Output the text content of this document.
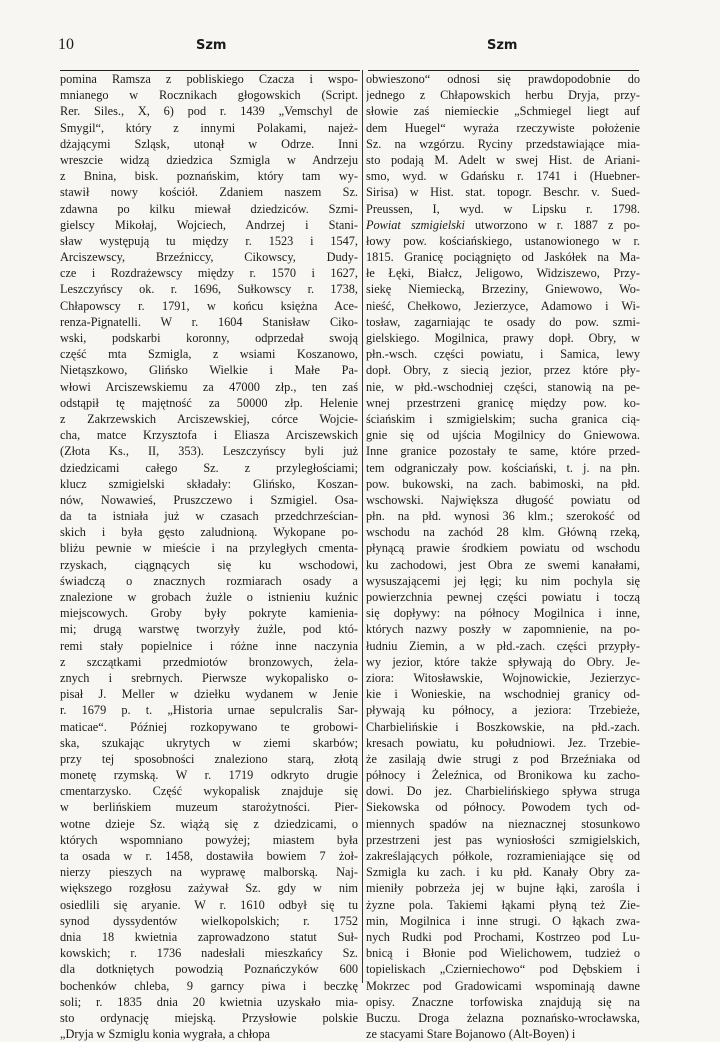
10	Szm	Szm
pomina Ramsza z pobliskiego Czacza i wspo-
mnianego w Rocznikach głogowskich (Script.
Rer. Siles., X, 6) pod r. 1439 „Vemschyl de
Smygil“, który z innymi Polakami, najeż-
dżającymi Szląsk, utonął w Odrze. Inni
wreszcie widzą dziedzica Szmigla w Andrzeju
z Bnina, bisk. poznańskim, który tam wy-
stawił nowy kościół. Zdaniem naszem Sz.
zdawna po kilku miewał dziedziców. Szmi-
gielscy Mikołaj, Wojciech, Andrzej i Stani-
sław występują tu między r. 1523 i 1547,
Arciszewscy, Brzeźniccy, Cikowscy, Dudy-
cze i Rozdrażewscy między r. 1570 i 1627,
Leszczyńscy ok. r. 1696, Sułkowscy r. 1738,
Chłapowscy r. 1791, w końcu księżna Ace-
renza-Pignatelli. W r. 1604 Stanisław Ciko-
wski, podskarbi koronny, odprzedał swoją
część mta Szmigla, z wsiami Koszanowo,
Nietąszkowo, Glińsko Wielkie i Małe Pa-
włowi Arciszewskiemu za 47000 złp., ten zaś
odstąpił tę majętność za 50000 złp. Helenie
z Zakrzewskich Arciszewskiej, córce Wojcie-
cha, matce Krzysztofa i Eliasza Arciszewskich
(Złota Ks., II, 353). Leszczyńscy byli już
dziedzicami całego Sz. z przyległościami;
klucz szmigielski składały: Glińsko, Koszan-
nów, Nowawieś, Pruszczewo i Szmigiel. Osa-
da ta istniała już w czasach przedchrześcian-
skich i była gęsto zaludnioną. Wykopane po-
bliżu pewnie w mieście i na przyległych cmenta-
rzyskach, ciągnących się ku wschodowi,
świadczą o znacznych rozmiarach osady a
znalezione w grobach żużle o istnieniu kuźnic
miejscowych. Groby były pokryte kamienia-
mi; drugą warstwę tworzyły żużle, pod któ-
remi stały popielnice i różne inne naczynia
z szczątkami przedmiotów bronzowych, żela-
znych i srebrnych. Pierwsze wykopalisko o-
pisał J. Meller w dziełku wydanem w Jenie
r. 1679 p. t. „Historia urnae sepulcralis Sar-
maticae“. Później rozkopywano te grobowi-
ska, szukając ukrytych w ziemi skarbów;
przy tej sposobności znaleziono starą, złotą
monetę rzymską. W r. 1719 odkryto drugie
cmentarzysko. Część wykopalisk znajduje się
w berlińskiem muzeum starożytności. Pier-
wotne dzieje Sz. wiążą się z dziedzicami, o
których wspomniano powyżej; miastem była
ta osada w r. 1458, dostawiła bowiem 7 żoł-
nierzy pieszych na wyprawę malborską. Naj-
większego rozgłosu zażywał Sz. gdy w nim
osiedlili się aryanie. W r. 1610 odbył się tu
synod dyssydentów wielkopolskich; r. 1752
dnia 18 kwietnia zaprowadzono statut Suł-
kowskich; r. 1736 nadesłali mieszkańcy Sz.
dla dotkniętych powodzią Poznańczyków 600
bochenków chleba, 9 garncy piwa i beczkę
soli; r. 1835 dnia 20 kwietnia uzyskało mia-
sto ordynację miejską. Przysłowie polskie
„Dryja w Szmiglu konia wygrała, a chłopa
obwieszono“ odnosi się prawdopodobnie do
jednego z Chłapowskich herbu Dryja, przy-
słowie zaś niemieckie „Schmiegel liegt auf
dem Huegel“ wyraża rzeczywiste położenie
Sz. na wzgórzu. Ryciny przedstawiające mia-
sto podają M. Adelt w swej Hist. de Ariani-
smo, wyd. w Gdańsku r. 1741 i (Huebner-
Sirisa) w Hist. stat. topogr. Beschr. v. Sued-
Preussen, I, wyd. w Lipsku r. 1798.
Powiat szmigielski utworzono w r. 1887 z po-
łowy pow. kościańskiego, ustanowionego w r.
1815. Granicę pociągnięto od Jaskółek na Ma-
łe Łęki, Białcz, Jeligowo, Widziszewo, Przy-
siekę Niemiecką, Brzeziny, Gniewowo, Wo-
nieść, Chełkowo, Jezierzyce, Adamowo i Wi-
tosław, zagarniając te osady do pow. szmi-
gielskiego. Mogilnica, prawy dopł. Obry, w
płn.-wsch. części powiatu, i Samica, lewy
dopł. Obry, z siecią jezior, przez które pły-
nie, w płd.-wschodniej części, stanowią na pe-
wnej przestrzeni granicę między pow. ko-
ściańskim i szmigielskim; sucha granica cią-
gnie się od ujścia Mogilnicy do Gniewowa.
Inne granice pozostały te same, które przed-
tem odgraniczały pow. kościański, t. j. na płn.
pow. bukowski, na zach. babimoski, na płd.
wschowski. Największa długość powiatu od
płn. na płd. wynosi 36 klm.; szerokość od
wschodu na zachód 28 klm. Główną rzeką,
płynącą prawie środkiem powiatu od wschodu
ku zachodowi, jest Obra ze swemi kanałami,
wysuszającemi jej łęgi; ku nim pochyla się
powierzchnia pewnej części powiatu i toczą
się dopływy: na północy Mogilnica i inne,
których nazwy poszły w zapomnienie, na po-
łudniu Ziemin, a w płd.-zach. części przypły-
wy jezior, które także spływają do Obry. Je-
ziora: Witosławskie, Wojnowickie, Jezierzyc-
kie i Wonieskie, na wschodniej granicy od-
pływają ku północy, a jeziora: Trzebieże,
Charbielińskie i Boszkowskie, na płd.-zach.
kresach powiatu, ku południowi. Jez. Trzebie-
że zasilają dwie strugi z pod Brzeźniaka od
północy i Żeleźnica, od Bronikowa ku zacho-
dowi. Do jez. Charbielińskiego spływa struga
Siekowska od północy. Powodem tych od-
miennych spadów na nieznacznej stosunkowo
przestrzeni jest pas wyniosłości szmigielskich,
zakreślających półkole, rozramieniające się od
Szmigla ku zach. i ku płd. Kanały Obry za-
mieniły pobrzeża jej w bujne łąki, zarośla i
żyzne pola. Takiemi łąkami płyną też Zie-
min, Mogilnica i inne strugi. O łąkach zwa-
nych Rudki pod Prochami, Kostrzeo pod Lu-
bnicą i Błonie pod Wielichowem, tudzież o
topieliskach „Czierniechowo“ pod Dębskiem i
Mokrzec pod Gradowicami wspominają dawne
opisy. Znaczne torfowiska znajdują się na
Buczu. Droga żelazna poznańsko-wrocławska,
ze stacyami Stare Bojanowo (Alt-Boyen) i
